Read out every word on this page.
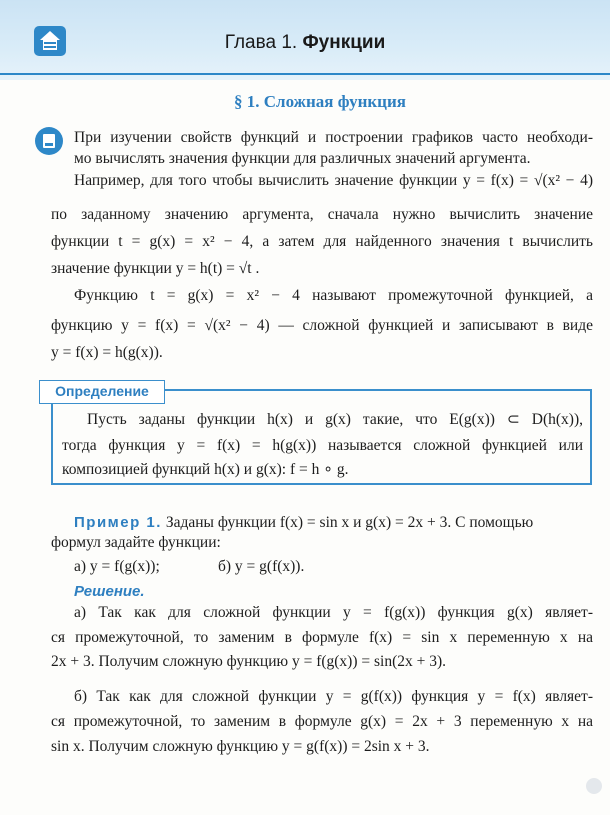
Глава 1. Функции
§ 1. Сложная функция
При изучении свойств функций и построении графиков часто необходи-
мо вычислять значения функции для различных значений аргумента.
Например, для того чтобы вычислить значение функции y = f(x) = √(x² − 4)
по заданному значению аргумента, сначала нужно вычислить значение
функции t = g(x) = x² − 4, а затем для найденного значения t вычислить
значение функции y = h(t) = √t .
Функцию t = g(x) = x² − 4 называют промежуточной функцией, а
функцию y = f(x) = √(x² − 4) — сложной функцией и записывают в виде
y = f(x) = h(g(x)).
Определение
Пусть заданы функции h(x) и g(x) такие, что E(g(x)) ⊂ D(h(x)),
тогда функция y = f(x) = h(g(x)) называется сложной функцией или
композицией функций h(x) и g(x): f = h ∘ g.
Пример 1. Заданы функции f(x) = sin x и g(x) = 2x + 3. С помощью
формул задайте функции:
а) y = f(g(x));	б) y = g(f(x)).
Решение.
а) Так как для сложной функции y = f(g(x)) функция g(x) являет-
ся промежуточной, то заменим в формуле f(x) = sin x переменную x на
2x + 3. Получим сложную функцию y = f(g(x)) = sin(2x + 3).
б) Так как для сложной функции y = g(f(x)) функция y = f(x) являет-
ся промежуточной, то заменим в формуле g(x) = 2x + 3 переменную x на
sin x. Получим сложную функцию y = g(f(x)) = 2sin x + 3.
